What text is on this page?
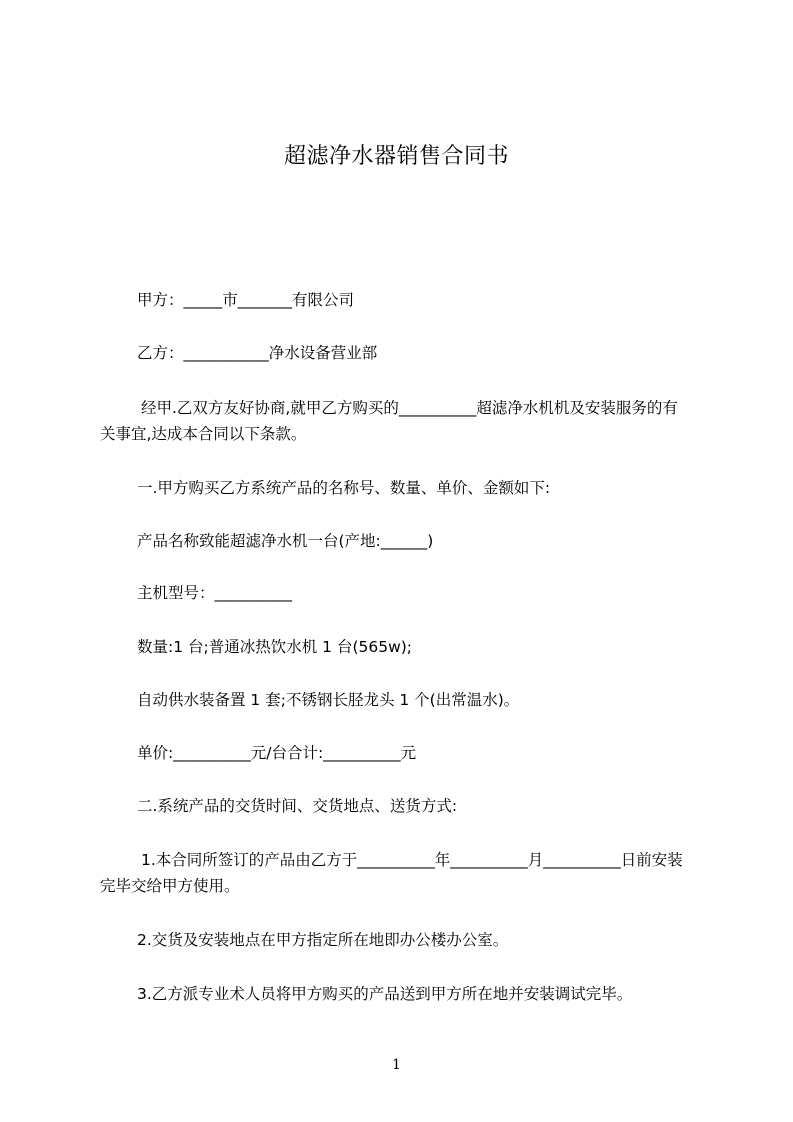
超滤净水器销售合同书
甲方：_____市_______有限公司
乙方：___________净水设备营业部
经甲.乙双方友好协商,就甲乙方购买的__________超滤净水机机及安装服务的有
关事宜,达成本合同以下条款。
一.甲方购买乙方系统产品的名称号、数量、单价、金额如下:
产品名称致能超滤净水机一台(产地:______)
主机型号：__________
数量:1 台;普通冰热饮水机 1 台(565w);
自动供水装备置 1 套;不锈钢长胫龙头 1 个(出常温水)。
单价:__________元/台合计:__________元
二.系统产品的交货时间、交货地点、送货方式:
1.本合同所签订的产品由乙方于__________年__________月__________日前安装
完毕交给甲方使用。
2.交货及安装地点在甲方指定所在地即办公楼办公室。
3.乙方派专业术人员将甲方购买的产品送到甲方所在地并安装调试完毕。
1
